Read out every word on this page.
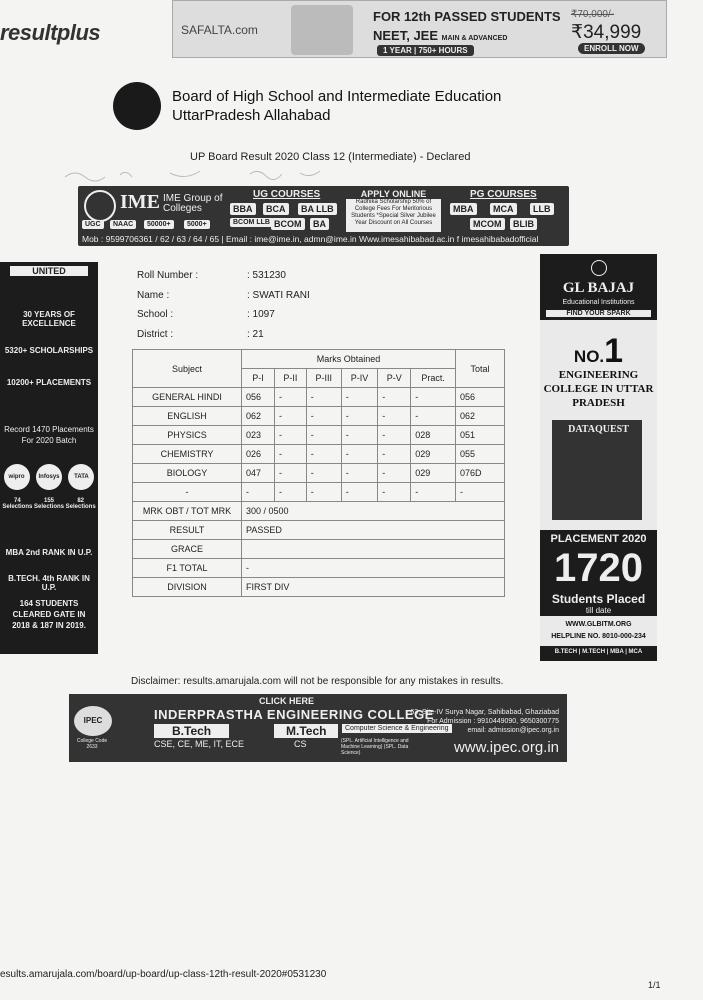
resultplus	SAFALTA.com
FOR 12th PASSED STUDENTS
NEET, JEE MAIN & ADVANCED
1 YEAR | 750+ HOURS
₹70,000/-
₹34,999
ENROLL NOW
Board of High School and Intermediate Education
UttarPradesh Allahabad
UP Board Result 2020 Class 12 (Intermediate) - Declared
IME IME Group of Colleges
UG COURSES
BBA	BCA	BA LLB
BCOM LLB BCOM	BA
UGC	NAAC	50000+	5000+
APPLY ONLINE
Radhika Scholarship 50% of College Fees For Meritorious Students *Special Silver Jubilee Year Discount on All Courses
PG COURSES
MBA	MCA	LLB
MCOM	BLIB
Mob : 9599706361 / 62 / 63 / 64 / 65 | Email : ime@ime.in, admn@ime.in Www.imesahibabad.ac.in f imesahibabadofficial
UNITED
30 YEARS OF EXCELLENCE
5320+ SCHOLARSHIPS
10200+ PLACEMENTS
Record 1470 Placements For 2020 Batch
wipro Infosys TATA
74 Selections 155 Selections 82 Selections
MBA 2nd RANK IN U.P.
B.TECH. 4th RANK IN U.P.
164 STUDENTS CLEARED GATE IN 2018 & 187 IN 2019.
GL BAJAJ
Educational Institutions
FIND YOUR SPARK
NO.1
ENGINEERING COLLEGE IN UTTAR PRADESH
DATAQUEST
PLACEMENT 2020
1720
Students Placed
till date
WWW.GLBITM.ORG
HELPLINE NO. 8010-000-234
B.TECH | M.TECH | MBA | MCA
Roll Number :	: 531230
Name :	: SWATI RANI
School :	: 1097
District :	: 21
Subject	Marks Obtained						Total
	P-I	P-II	P-III	P-IV	P-V	Pract.	
GENERAL HINDI	056	-	-	-	-	-	056
ENGLISH	062	-	-	-	-	-	062
PHYSICS	023	-	-	-	-	028	051
CHEMISTRY	026	-	-	-	-	029	055
BIOLOGY	047	-	-	-	-	029	076D
-	-	-	-	-	-	-	-
MRK OBT / TOT MRK	300 / 0500						
RESULT	PASSED						
GRACE							
F1 TOTAL	-						
DIVISION	FIRST DIV						
Disclaimer: results.amarujala.com will not be responsible for any mistakes in results.
CLICK HERE
IPEC	INDERPRASTHA ENGINEERING COLLEGE
B.Tech	M.Tech	Computer Science & Engineering
CSE, CE, ME, IT, ECE	CS	(SPL. Artificial Intelligence and Machine Learning) (SPL. Data Science)
College Code 2633
63, Site-IV Surya Nagar, Sahibabad, Ghaziabad For Admission : 9910449090, 9650300775 email: admission@ipec.org.in
www.ipec.org.in
esults.amarujala.com/board/up-board/up-class-12th-result-2020#0531230
1/1
